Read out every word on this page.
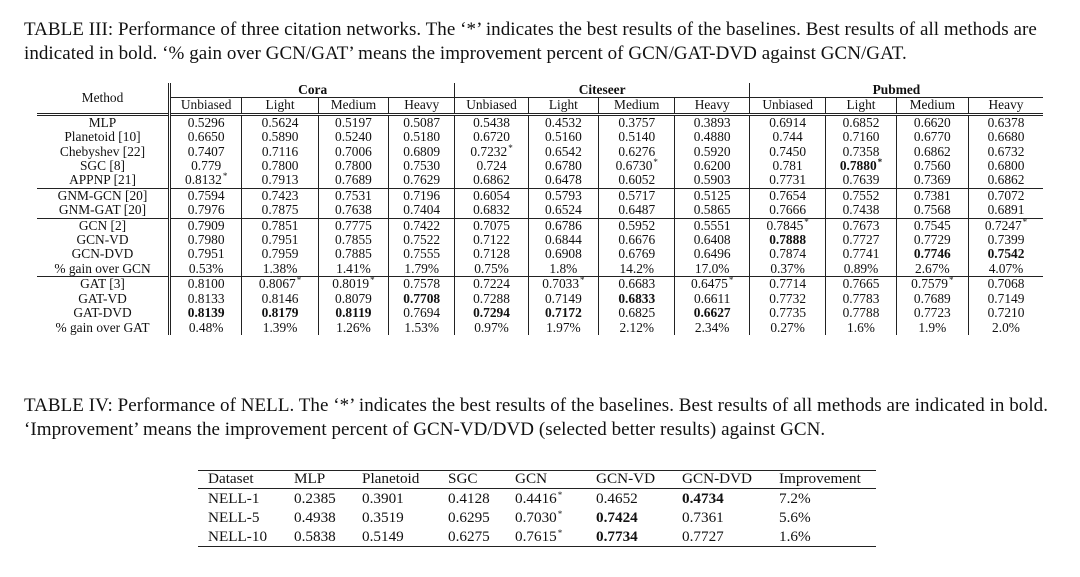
TABLE III: Performance of three citation networks. The ‘*’ indicates the best results of the baselines. Best results of all methods are indicated in bold. ‘% gain over GCN/GAT’ means the improvement percent of GCN/GAT-DVD against GCN/GAT.
Method	Cora				Citeseer				Pubmed			
	Unbiased	Light	Medium	Heavy	Unbiased	Light	Medium	Heavy	Unbiased	Light	Medium	Heavy
MLP	0.5296	0.5624	0.5197	0.5087	0.5438	0.4532	0.3757	0.3893	0.6914	0.6852	0.6620	0.6378
Planetoid [10]	0.6650	0.5890	0.5240	0.5180	0.6720	0.5160	0.5140	0.4880	0.744	0.7160	0.6770	0.6680
Chebyshev [22]	0.7407	0.7116	0.7006	0.6809	0.7232*	0.6542	0.6276	0.5920	0.7450	0.7358	0.6862	0.6732
SGC [8]	0.779	0.7800	0.7800	0.7530	0.724	0.6780	0.6730*	0.6200	0.781	0.7880*	0.7560	0.6800
APPNP [21]	0.8132*	0.7913	0.7689	0.7629	0.6862	0.6478	0.6052	0.5903	0.7731	0.7639	0.7369	0.6862
GNM-GCN [20]	0.7594	0.7423	0.7531	0.7196	0.6054	0.5793	0.5717	0.5125	0.7654	0.7552	0.7381	0.7072
GNM-GAT [20]	0.7976	0.7875	0.7638	0.7404	0.6832	0.6524	0.6487	0.5865	0.7666	0.7438	0.7568	0.6891
GCN [2]	0.7909	0.7851	0.7775	0.7422	0.7075	0.6786	0.5952	0.5551	0.7845*	0.7673	0.7545	0.7247*
GCN-VD	0.7980	0.7951	0.7855	0.7522	0.7122	0.6844	0.6676	0.6408	0.7888	0.7727	0.7729	0.7399
GCN-DVD	0.7951	0.7959	0.7885	0.7555	0.7128	0.6908	0.6769	0.6496	0.7874	0.7741	0.7746	0.7542
% gain over GCN	0.53%	1.38%	1.41%	1.79%	0.75%	1.8%	14.2%	17.0%	0.37%	0.89%	2.67%	4.07%
GAT [3]	0.8100	0.8067*	0.8019*	0.7578	0.7224	0.7033*	0.6683	0.6475*	0.7714	0.7665	0.7579*	0.7068
GAT-VD	0.8133	0.8146	0.8079	0.7708	0.7288	0.7149	0.6833	0.6611	0.7732	0.7783	0.7689	0.7149
GAT-DVD	0.8139	0.8179	0.8119	0.7694	0.7294	0.7172	0.6825	0.6627	0.7735	0.7788	0.7723	0.7210
% gain over GAT	0.48%	1.39%	1.26%	1.53%	0.97%	1.97%	2.12%	2.34%	0.27%	1.6%	1.9%	2.0%
TABLE IV: Performance of NELL. The ‘*’ indicates the best results of the baselines. Best results of all methods are indicated in bold. ‘Improvement’ means the improvement percent of GCN-VD/DVD (selected better results) against GCN.
Dataset	MLP	Planetoid	SGC	GCN	GCN-VD	GCN-DVD	Improvement
NELL-1	0.2385	0.3901	0.4128	0.4416*	0.4652	0.4734	7.2%
NELL-5	0.4938	0.3519	0.6295	0.7030*	0.7424	0.7361	5.6%
NELL-10	0.5838	0.5149	0.6275	0.7615*	0.7734	0.7727	1.6%
